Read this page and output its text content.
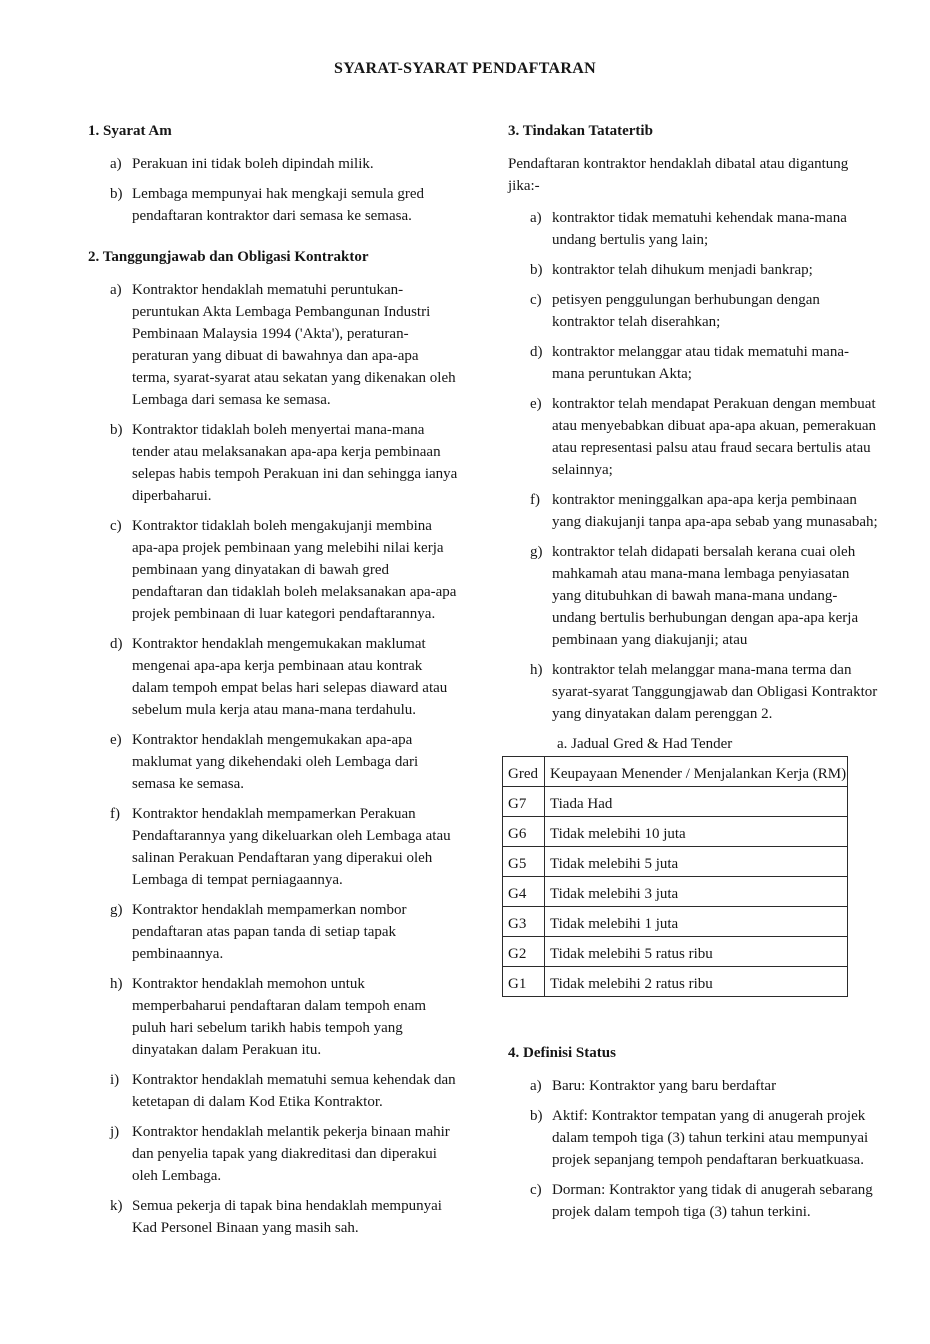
SYARAT-SYARAT PENDAFTARAN
1. Syarat Am
a) Perakuan ini tidak boleh dipindah milik.
b) Lembaga mempunyai hak mengkaji semula gred pendaftaran kontraktor dari semasa ke semasa.
2. Tanggungjawab dan Obligasi Kontraktor
a) Kontraktor hendaklah mematuhi peruntukan-peruntukan Akta Lembaga Pembangunan Industri Pembinaan Malaysia 1994 ('Akta'), peraturan-peraturan yang dibuat di bawahnya dan apa-apa terma, syarat-syarat atau sekatan yang dikenakan oleh Lembaga dari semasa ke semasa.
b) Kontraktor tidaklah boleh menyertai mana-mana tender atau melaksanakan apa-apa kerja pembinaan selepas habis tempoh Perakuan ini dan sehingga ianya diperbaharui.
c) Kontraktor tidaklah boleh mengakujanji membina apa-apa projek pembinaan yang melebihi nilai kerja pembinaan yang dinyatakan di bawah gred pendaftaran dan tidaklah boleh melaksanakan apa-apa projek pembinaan di luar kategori pendaftarannya.
d) Kontraktor hendaklah mengemukakan maklumat mengenai apa-apa kerja pembinaan atau kontrak dalam tempoh empat belas hari selepas diaward atau sebelum mula kerja atau mana-mana terdahulu.
e) Kontraktor hendaklah mengemukakan apa-apa maklumat yang dikehendaki oleh Lembaga dari semasa ke semasa.
f) Kontraktor hendaklah mempamerkan Perakuan Pendaftarannya yang dikeluarkan oleh Lembaga atau salinan Perakuan Pendaftaran yang diperakui oleh Lembaga di tempat perniagaannya.
g) Kontraktor hendaklah mempamerkan nombor pendaftaran atas papan tanda di setiap tapak pembinaannya.
h) Kontraktor hendaklah memohon untuk memperbaharui pendaftaran dalam tempoh enam puluh hari sebelum tarikh habis tempoh yang dinyatakan dalam Perakuan itu.
i) Kontraktor hendaklah mematuhi semua kehendak dan ketetapan di dalam Kod Etika Kontraktor.
j) Kontraktor hendaklah melantik pekerja binaan mahir dan penyelia tapak yang diakreditasi dan diperakui oleh Lembaga.
k) Semua pekerja di tapak bina hendaklah mempunyai Kad Personel Binaan yang masih sah.
3. Tindakan Tatatertib
Pendaftaran kontraktor hendaklah dibatal atau digantung jika:-
a) kontraktor tidak mematuhi kehendak mana-mana undang bertulis yang lain;
b) kontraktor telah dihukum menjadi bankrap;
c) petisyen penggulungan berhubungan dengan kontraktor telah diserahkan;
d) kontraktor melanggar atau tidak mematuhi mana-mana peruntukan Akta;
e) kontraktor telah mendapat Perakuan dengan membuat atau menyebabkan dibuat apa-apa akuan, pemerakuan atau representasi palsu atau fraud secara bertulis atau selainnya;
f) kontraktor meninggalkan apa-apa kerja pembinaan yang diakujanji tanpa apa-apa sebab yang munasabah;
g) kontraktor telah didapati bersalah kerana cuai oleh mahkamah atau mana-mana lembaga penyiasatan yang ditubuhkan di bawah mana-mana undang-undang bertulis berhubungan dengan apa-apa kerja pembinaan yang diakujanji; atau
h) kontraktor telah melanggar mana-mana terma dan syarat-syarat Tanggungjawab dan Obligasi Kontraktor yang dinyatakan dalam perenggan 2.
a. Jadual Gred & Had Tender
Gred	Keupayaan Menender / Menjalankan Kerja (RM)
G7	Tiada Had
G6	Tidak melebihi 10 juta
G5	Tidak melebihi 5 juta
G4	Tidak melebihi 3 juta
G3	Tidak melebihi 1 juta
G2	Tidak melebihi 5 ratus ribu
G1	Tidak melebihi 2 ratus ribu
4. Definisi Status
a) Baru: Kontraktor yang baru berdaftar
b) Aktif: Kontraktor tempatan yang di anugerah projek dalam tempoh tiga (3) tahun terkini atau mempunyai projek sepanjang tempoh pendaftaran berkuatkuasa.
c) Dorman: Kontraktor yang tidak di anugerah sebarang projek dalam tempoh tiga (3) tahun terkini.
